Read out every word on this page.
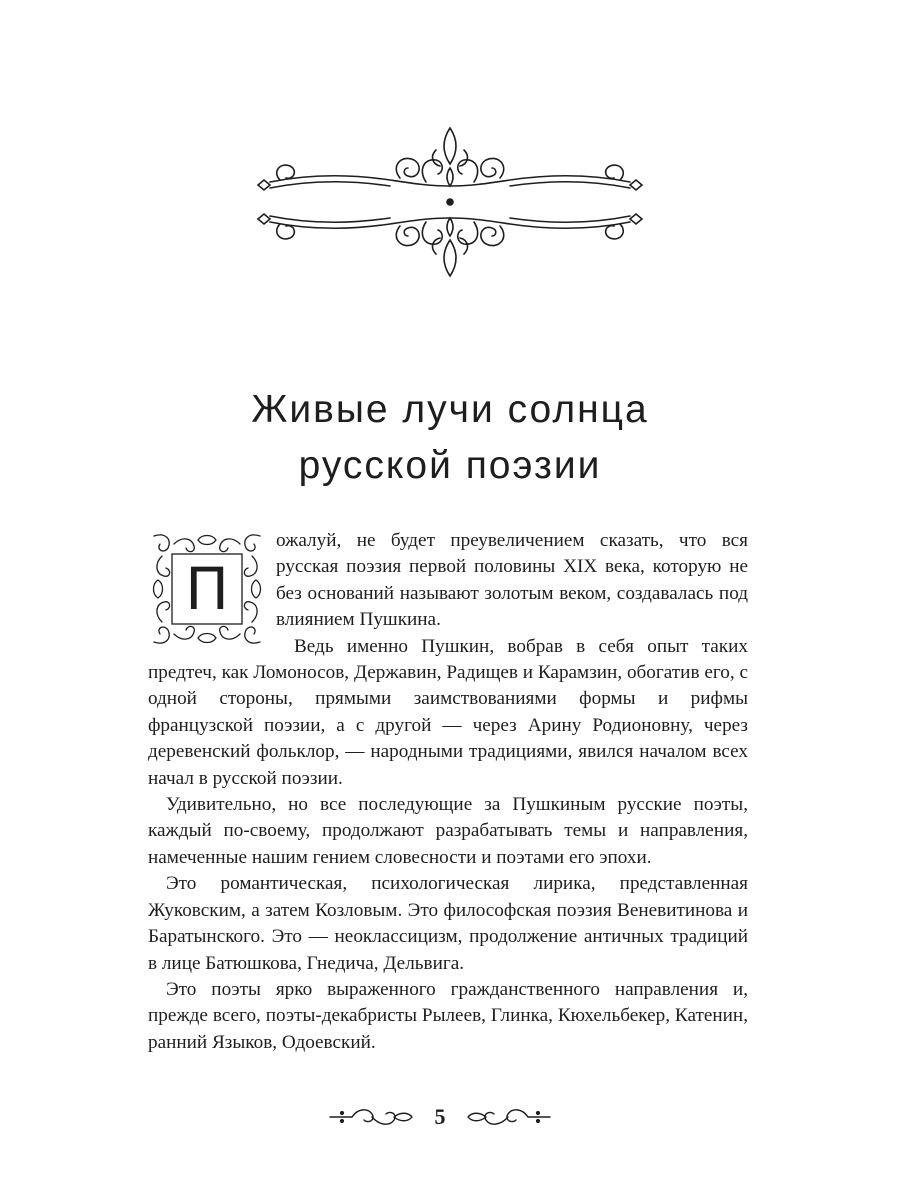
Живые лучи солнца
русской поэзии
П

ожалуй, не будет преувеличением сказать, что вся русская поэзия первой половины XIX века, которую не без оснований называют золотым веком, создавалась под влиянием Пушкина.

Ведь именно Пушкин, вобрав в себя опыт таких предтеч, как Ломоносов, Державин, Радищев и Карамзин, обогатив его, с одной стороны, прямыми заимствованиями формы и рифмы французской поэзии, а с другой — через Арину Родионовну, через деревенский фольклор, — народными традициями, явился началом всех начал в русской поэзии.

Удивительно, но все последующие за Пушкиным русские поэты, каждый по-своему, продолжают разрабатывать темы и направления, намеченные нашим гением словесности и поэтами его эпохи.

Это романтическая, психологическая лирика, представленная Жуковским, а затем Козловым. Это философская поэзия Веневитинова и Баратынского. Это — неоклассицизм, продолжение античных традиций в лице Батюшкова, Гнедича, Дельвига.

Это поэты ярко выраженного гражданственного направления и, прежде всего, поэты-декабристы Рылеев, Глинка, Кюхельбекер, Катенин, ранний Языков, Одоевский.

5
